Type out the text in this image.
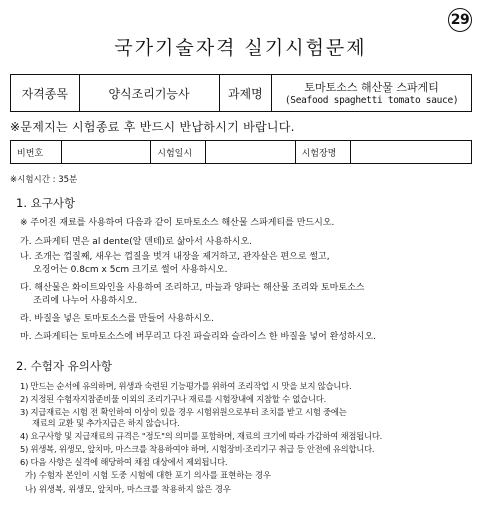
29
국가기술자격 실기시험문제
자격종목	양식조리기능사	과제명	토마토소스 해산물 스파게티
(Seafood spaghetti tomato sauce)
※문제지는 시험종료 후 반드시 반납하시기 바랍니다.
비번호		시험일시		시험장명	
※시험시간 : 35분
1. 요구사항
※ 주어진 재료를 사용하여 다음과 같이 토마토소스 해산물 스파게티를 만드시오.
가. 스파게티 면은 al dente(알 덴테)로 삶아서 사용하시오.
나. 조개는 껍질째, 새우는 껍질을 벗겨 내장을 제거하고, 관자살은 편으로 썰고,
오징어는 0.8cm x 5cm 크기로 썰어 사용하시오.
다. 해산물은 화이트와인을 사용하여 조리하고, 마늘과 양파는 해산물 조리와 토마토소스
조리에 나누어 사용하시오.
라. 바질을 넣은 토마토소스를 만들어 사용하시오.
마. 스파게티는 토마토소스에 버무리고 다진 파슬리와 슬라이스 한 바질을 넣어 완성하시오.
2. 수험자 유의사항
1) 만드는 순서에 유의하며, 위생과 숙련된 기능평가를 위하여 조리작업 시 맛을 보지 않습니다.
2) 지정된 수험자지참준비물 이외의 조리기구나 재료를 시험장내에 지참할 수 없습니다.
3) 지급재료는 시험 전 확인하여 이상이 있을 경우 시험위원으로부터 조치를 받고 시험 중에는
재료의 교환 및 추가지급은 하지 않습니다.
4) 요구사항 및 지급재료의 규격은 "정도"의 의미를 포함하며, 재료의 크기에 따라 가감하여 채점됩니다.
5) 위생복, 위생모, 앞치마, 마스크를 착용하여야 하며, 시험장비·조리기구 취급 등 안전에 유의합니다.
6) 다음 사항은 실격에 해당하여 채점 대상에서 제외됩니다.
가) 수험자 본인이 시험 도중 시험에 대한 포기 의사를 표현하는 경우
나) 위생복, 위생모, 앞치마, 마스크를 착용하지 않은 경우
